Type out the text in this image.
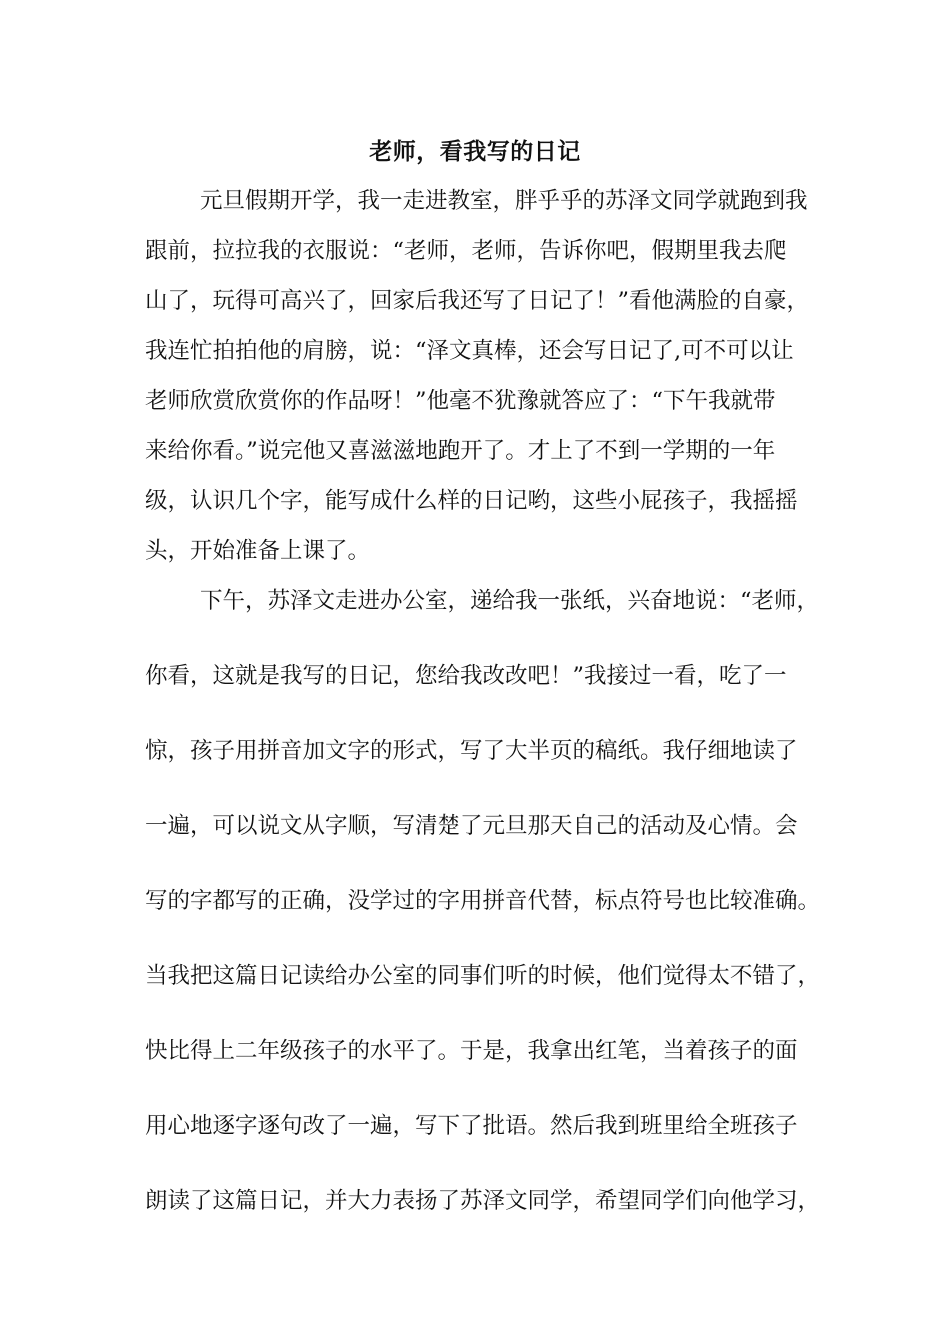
老师，看我写的日记
元旦假期开学，我一走进教室，胖乎乎的苏泽文同学就跑到我
跟前，拉拉我的衣服说：“老师，老师，告诉你吧，假期里我去爬
山了，玩得可高兴了，回家后我还写了日记了！”看他满脸的自豪，
我连忙拍拍他的肩膀，说：“泽文真棒，还会写日记了,可不可以让
老师欣赏欣赏你的作品呀！”他毫不犹豫就答应了：“下午我就带
来给你看。”说完他又喜滋滋地跑开了。才上了不到一学期的一年
级，认识几个字，能写成什么样的日记哟，这些小屁孩子，我摇摇
头，开始准备上课了。
下午，苏泽文走进办公室，递给我一张纸，兴奋地说：“老师，
你看，这就是我写的日记，您给我改改吧！”我接过一看，吃了一
惊，孩子用拼音加文字的形式，写了大半页的稿纸。我仔细地读了
一遍，可以说文从字顺，写清楚了元旦那天自己的活动及心情。会
写的字都写的正确，没学过的字用拼音代替，标点符号也比较准确。
当我把这篇日记读给办公室的同事们听的时候，他们觉得太不错了，
快比得上二年级孩子的水平了。于是，我拿出红笔，当着孩子的面
用心地逐字逐句改了一遍，写下了批语。然后我到班里给全班孩子
朗读了这篇日记，并大力表扬了苏泽文同学，希望同学们向他学习，
